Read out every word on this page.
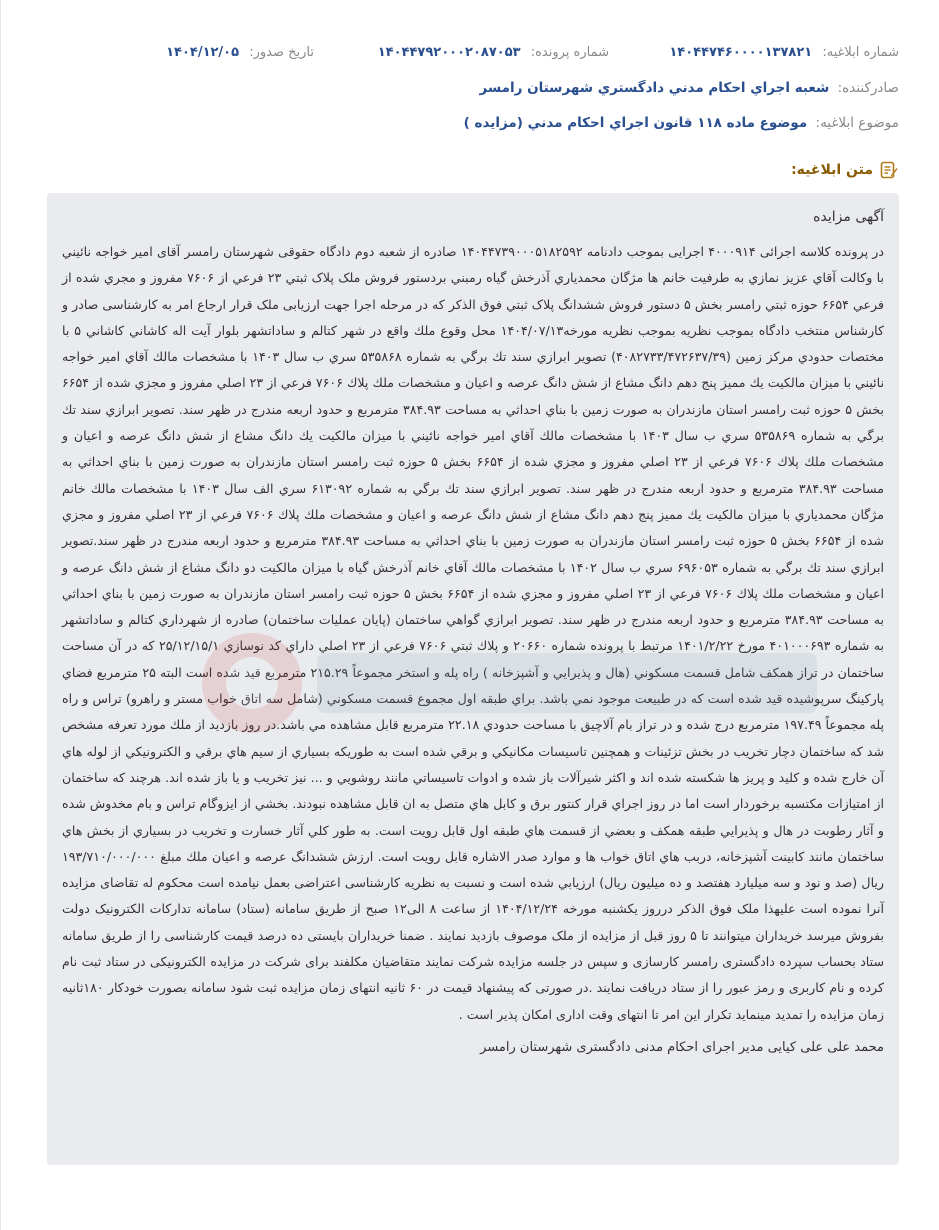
شماره ابلاغیه: ۱۴۰۴۴۷۴۶۰۰۰۰۱۳۷۸۲۱
شماره پرونده: ۱۴۰۴۴۷۹۲۰۰۰۲۰۸۷۰۵۳
تاریخ صدور: ۱۴۰۴/۱۲/۰۵
صادرکننده: شعبه اجراي احكام مدني دادگستري شهرستان رامسر
موضوع ابلاغیه: موضوع ماده ۱۱۸ قانون اجراي احكام مدني (مزايده )
متن ابلاغیه:

آگهی مزایده

در پرونده کلاسه اجرائی ۴۰۰۰۹۱۴ اجرایی بموجب دادنامه ۱۴۰۴۴۷۳۹۰۰۰۵۱۸۲۵۹۲ صادره از شعبه دوم دادگاه حقوقی شهرستان رامسر آقای امير خواجه نائيني با وكالت آقاي عزيز نمازي به طرفيت خانم ها مژگان محمدياري آذرخش گياه رمبني بردستور فروش ملک پلاک ثبتي ۲۳ فرعي از ۷۶۰۶ مفروز و مجري شده از فرعي ۶۶۵۴ حوزه ثبتي رامسر بخش ۵ دستور فروش ششدانگ پلاک ثبتي فوق الذکر که در مرحله اجرا جهت ارزيابی ملک قرار ارجاع امر به کارشناسی صادر و کارشناس منتخب دادگاه بموجب نظريه بموجب نظريه مورخه۱۴۰۴/۰۷/۱۳ محل وقوع ملك واقع در شهر كتالم و ساداتشهر بلوار آيت اله كاشاني كاشاني ۵ با مختصات حدودي مركز زمين (۴۰۸۲۷۳۳/۴۷۲۶۳۷/۳۹) تصوير ابرازي سند تك برگي به شماره ۵۳۵۸۶۸ سري ب سال ۱۴۰۳ با مشخصات مالك آقاي امير خواجه نائيني با ميزان مالكيت يك مميز پنج دهم دانگ مشاع از شش دانگ عرصه و اعيان و مشخصات ملك پلاك ۷۶۰۶ فرعي از ۲۳ اصلي مفروز و مجزي شده از ۶۶۵۴ بخش ۵ حوزه ثبت رامسر استان مازندران به صورت زمين با بناي احداثي به مساحت ۳۸۴.۹۳ مترمربع و حدود اربعه مندرج در ظهر سند. تصوير ابرازي سند تك برگي به شماره ۵۳۵۸۶۹ سري ب سال ۱۴۰۳ با مشخصات مالك آقاي امير خواجه نائيني با ميزان مالكيت يك دانگ مشاع از شش دانگ عرصه و اعيان و مشخصات ملك پلاك ۷۶۰۶ فرعي از ۲۳ اصلي مفروز و مجزي شده از ۶۶۵۴ بخش ۵ حوزه ثبت رامسر استان مازندران به صورت زمين با بناي احداثي به مساحت ۳۸۴.۹۳ مترمربع و حدود اربعه مندرج در ظهر سند. تصوير ابرازي سند تك برگي به شماره ۶۱۳۰۹۲ سري الف سال ۱۴۰۳ با مشخصات مالك خانم مژگان محمدياري با ميزان مالكيت يك مميز پنج دهم دانگ مشاع از شش دانگ عرصه و اعيان و مشخصات ملك پلاك ۷۶۰۶ فرعي از ۲۳ اصلي مفروز و مجزي شده از ۶۶۵۴ بخش ۵ حوزه ثبت رامسر استان مازندران به صورت زمين با بناي احداثي به مساحت ۳۸۴.۹۳ مترمربع و حدود اربعه مندرج در ظهر سند.تصوير ابرازي سند تك برگي به شماره ۶۹۶۰۵۳ سري ب سال ۱۴۰۲ با مشخصات مالك آقاي خانم آذرخش گياه با ميزان مالكيت دو دانگ مشاع از شش دانگ عرصه و اعيان و مشخصات ملك پلاك ۷۶۰۶ فرعي از ۲۳ اصلي مفروز و مجزي شده از ۶۶۵۴ بخش ۵ حوزه ثبت رامسر استان مازندران به صورت زمين با بناي احداثي به مساحت ۳۸۴.۹۳ مترمربع و حدود اربعه مندرج در ظهر سند. تصوير ابرازي گواهي ساختمان (پايان عمليات ساختمان) صادره از شهرداري كتالم و ساداتشهر به شماره ۴۰۱۰۰۰۶۹۳ مورخ ۱۴۰۱/۲/۲۲ مرتبط با پرونده شماره ۲۰۶۶۰ و پلاك ثبتي ۷۶۰۶ فرعي از ۲۳ اصلي داراي كد نوسازي ۲۵/۱۲/۱۵/۱ كه در آن مساحت ساختمان در تراز همكف شامل قسمت مسكوني (هال و پذيرايي و آشپزخانه ) راه پله و استخر مجموعاً ۲۱۵.۲۹ مترمربع قيد شده است البته ۲۵ مترمربع فضاي پاركينگ سرپوشيده قيد شده است كه در طبيعت موجود نمي باشد. براي طبقه اول مجموع قسمت مسكوني (شامل سه اتاق خواب مستر و راهرو) تراس و راه پله مجموعاً ۱۹۷.۴۹ مترمربع درج شده و در تراز بام آلاچيق با مساحت حدودي ۲۲.۱۸ مترمربع قابل مشاهده مي باشد.در روز بازديد از ملك مورد تعرفه مشخص شد كه ساختمان دچار تخريب در بخش تزئينات و همچنين تاسيسات مكانيكي و برقي شده است به طوريكه بسياري از سيم هاي برقي و الكترونيكي از لوله هاي آن خارج شده و كليد و پريز ها شكسته شده اند و اكثر شيرآلات باز شده و ادوات تاسيساتي مانند روشويي و ... نيز تخريب و يا باز شده اند. هرچند كه ساختمان از امتيازات مكتسبه برخوردار است اما در روز اجراي قرار كنتور برق و كابل هاي متصل به ان قابل مشاهده نبودند. بخشي از ايزوگام تراس و بام مخدوش شده و آثار رطوبت در هال و پذيرايي طبقه همكف و بعضي از قسمت هاي طبقه اول قابل رويت است. به طور كلي آثار خسارت و تخريب در بسياري از بخش هاي ساختمان مانند كابينت آشپزخانه، دربب هاي اتاق خواب ها و موارد صدر الاشاره قابل رويت است. ارزش ششدانگ عرصه و اعيان ملك مبلغ ۱۹۳/۷۱۰/۰۰۰/۰۰۰ ريال (صد و نود و سه ميليارد هفتصد و ده ميليون ريال) ارزيابي شده است و نسبت به نظريه كارشناسی اعتراضی بعمل نیامده است محکوم له تقاضای مزایده آنرا نموده است علیهذا ملک فوق الذکر درروز یکشنبه مورخه ۱۴۰۴/۱۲/۲۴ از ساعت ۸ الی۱۲ صبح از طریق سامانه (ستاد) سامانه تدارکات الکترونیک دولت بفروش میرسد خریداران میتوانند تا ۵ روز قبل از مزایده از ملک موصوف بازدید نمایند . ضمنا خریداران بایستی ده درصد قیمت کارشناسی را از طریق سامانه ستاد بحساب سپرده دادگستری رامسر کارسازی و سپس در جلسه مزایده شرکت نمایند متقاضیان مکلفند برای شرکت در مزایده الکترونیکی در ستاد ثبت نام کرده و نام کاربری و رمز عبور را از ستاد دریافت نمایند .در صورتی که پیشنهاد قیمت در ۶۰ ثانیه انتهای زمان مزایده ثبت شود سامانه بصورت خودکار ۱۸۰ثانیه زمان مزایده را تمدید مینماید تکرار این امر تا انتهای وقت اداری امکان پذیر است .

محمد علی علی کیایی مدیر اجرای احکام مدنی دادگستری شهرستان رامسر
